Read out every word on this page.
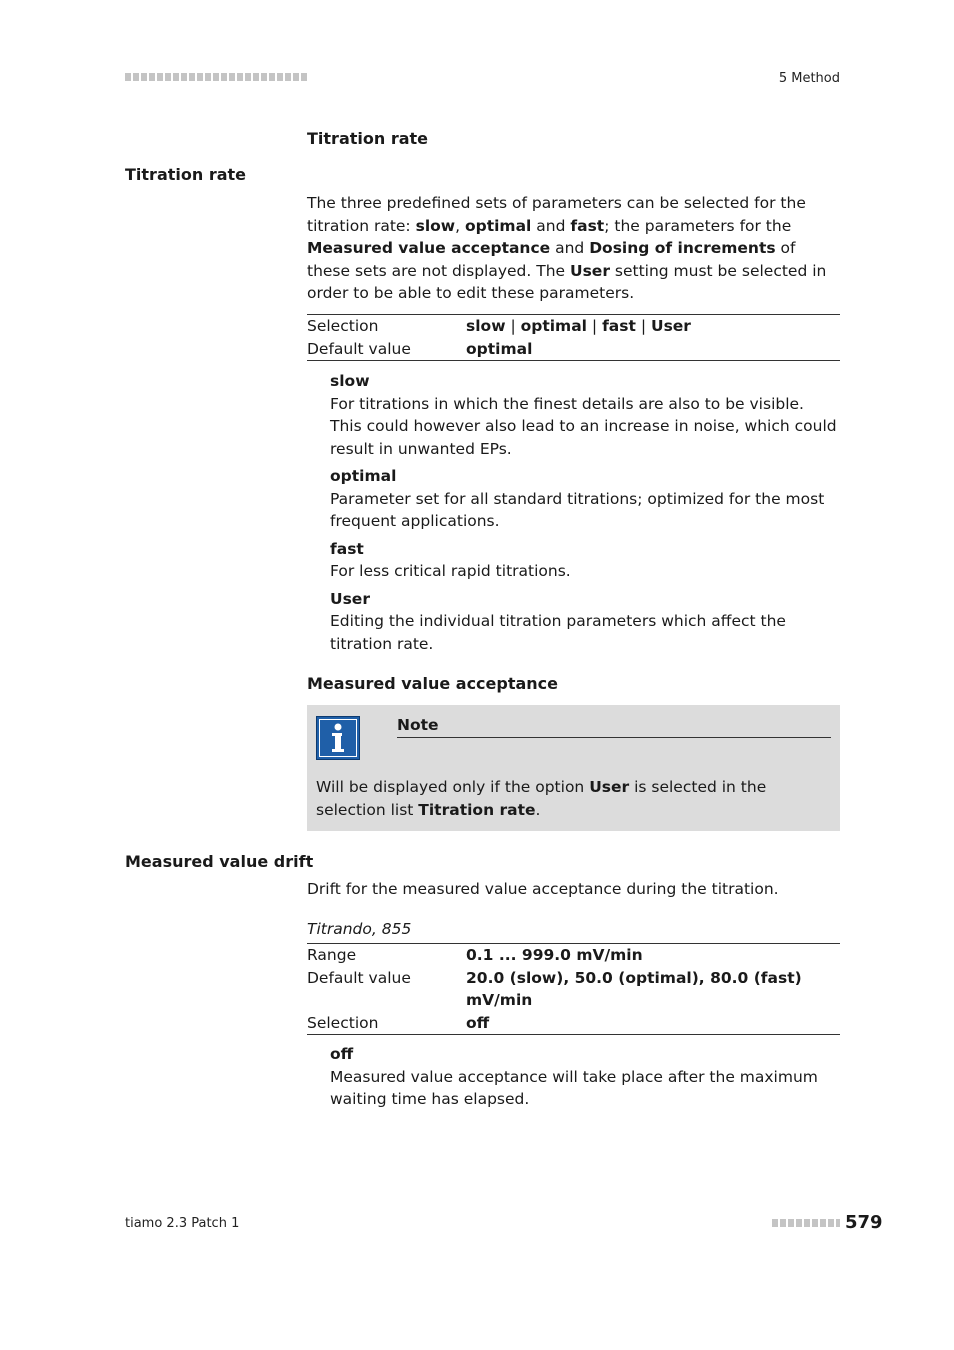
5 Method
Titration rate
Titration rate
The three predefined sets of parameters can be selected for the titration rate: slow, optimal and fast; the parameters for the Measured value acceptance and Dosing of increments of these sets are not displayed. The User setting must be selected in order to be able to edit these parameters.
Selection	slow | optimal | fast | User
Default value	optimal
slow
For titrations in which the finest details are also to be visible. This could however also lead to an increase in noise, which could result in unwanted EPs.
optimal
Parameter set for all standard titrations; optimized for the most frequent applications.
fast
For less critical rapid titrations.
User
Editing the individual titration parameters which affect the titration rate.
Measured value acceptance
Note
Will be displayed only if the option User is selected in the selection list Titration rate.
Measured value drift
Drift for the measured value acceptance during the titration.
Titrando, 855
Range	0.1 ... 999.0 mV/min
Default value	20.0 (slow), 50.0 (optimal), 80.0 (fast) mV/min
Selection	off
off
Measured value acceptance will take place after the maximum waiting time has elapsed.
tiamo 2.3 Patch 1	579
